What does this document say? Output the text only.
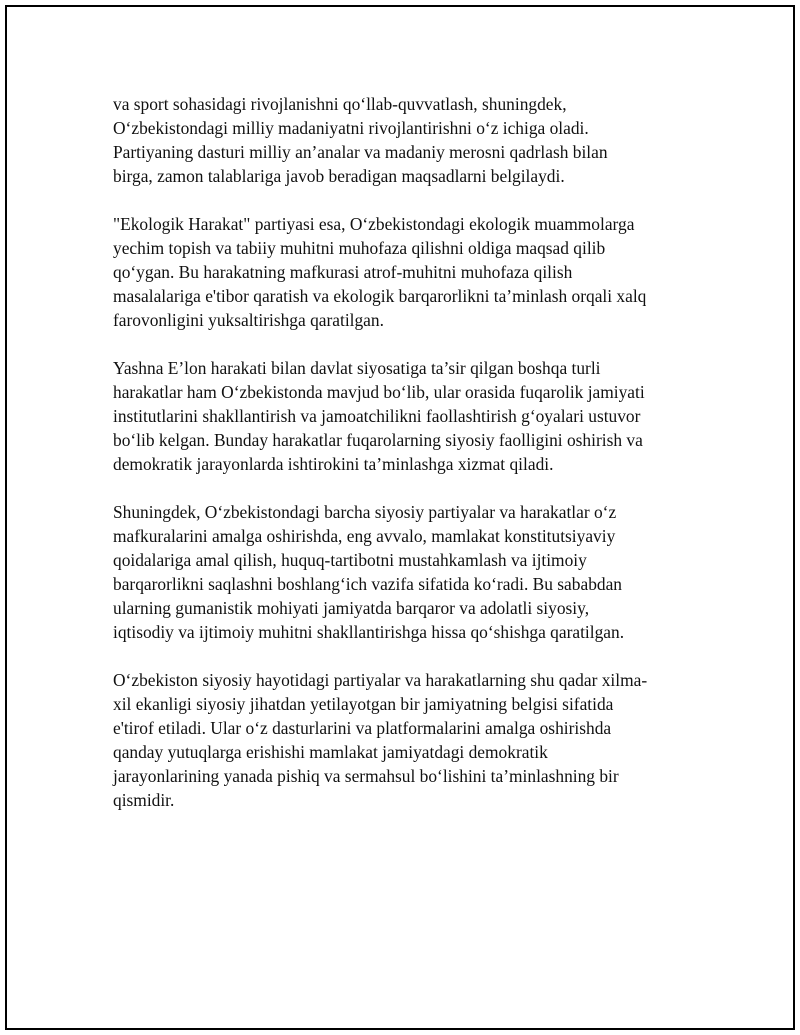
va sport sohasidagi rivojlanishni qo‘llab-quvvatlash, shuningdek,
O‘zbekistondagi milliy madaniyatni rivojlantirishni o‘z ichiga oladi.
Partiyaning dasturi milliy an’analar va madaniy merosni qadrlash bilan
birga, zamon talablariga javob beradigan maqsadlarni belgilaydi.
"Ekologik Harakat" partiyasi esa, O‘zbekistondagi ekologik muammolarga
yechim topish va tabiiy muhitni muhofaza qilishni oldiga maqsad qilib
qo‘ygan. Bu harakatning mafkurasi atrof-muhitni muhofaza qilish
masalalariga e'tibor qaratish va ekologik barqarorlikni ta’minlash orqali xalq
farovonligini yuksaltirishga qaratilgan.
Yashna E’lon harakati bilan davlat siyosatiga ta’sir qilgan boshqa turli
harakatlar ham O‘zbekistonda mavjud bo‘lib, ular orasida fuqarolik jamiyati
institutlarini shakllantirish va jamoatchilikni faollashtirish g‘oyalari ustuvor
bo‘lib kelgan. Bunday harakatlar fuqarolarning siyosiy faolligini oshirish va
demokratik jarayonlarda ishtirokini ta’minlashga xizmat qiladi.
Shuningdek, O‘zbekistondagi barcha siyosiy partiyalar va harakatlar o‘z
mafkuralarini amalga oshirishda, eng avvalo, mamlakat konstitutsiyaviy
qoidalariga amal qilish, huquq-tartibotni mustahkamlash va ijtimoiy
barqarorlikni saqlashni boshlang‘ich vazifa sifatida ko‘radi. Bu sababdan
ularning gumanistik mohiyati jamiyatda barqaror va adolatli siyosiy,
iqtisodiy va ijtimoiy muhitni shakllantirishga hissa qo‘shishga qaratilgan.
O‘zbekiston siyosiy hayotidagi partiyalar va harakatlarning shu qadar xilma-
xil ekanligi siyosiy jihatdan yetilayotgan bir jamiyatning belgisi sifatida
e'tirof etiladi. Ular o‘z dasturlarini va platformalarini amalga oshirishda
qanday yutuqlarga erishishi mamlakat jamiyatdagi demokratik
jarayonlarining yanada pishiq va sermahsul bo‘lishini ta’minlashning bir
qismidir.
